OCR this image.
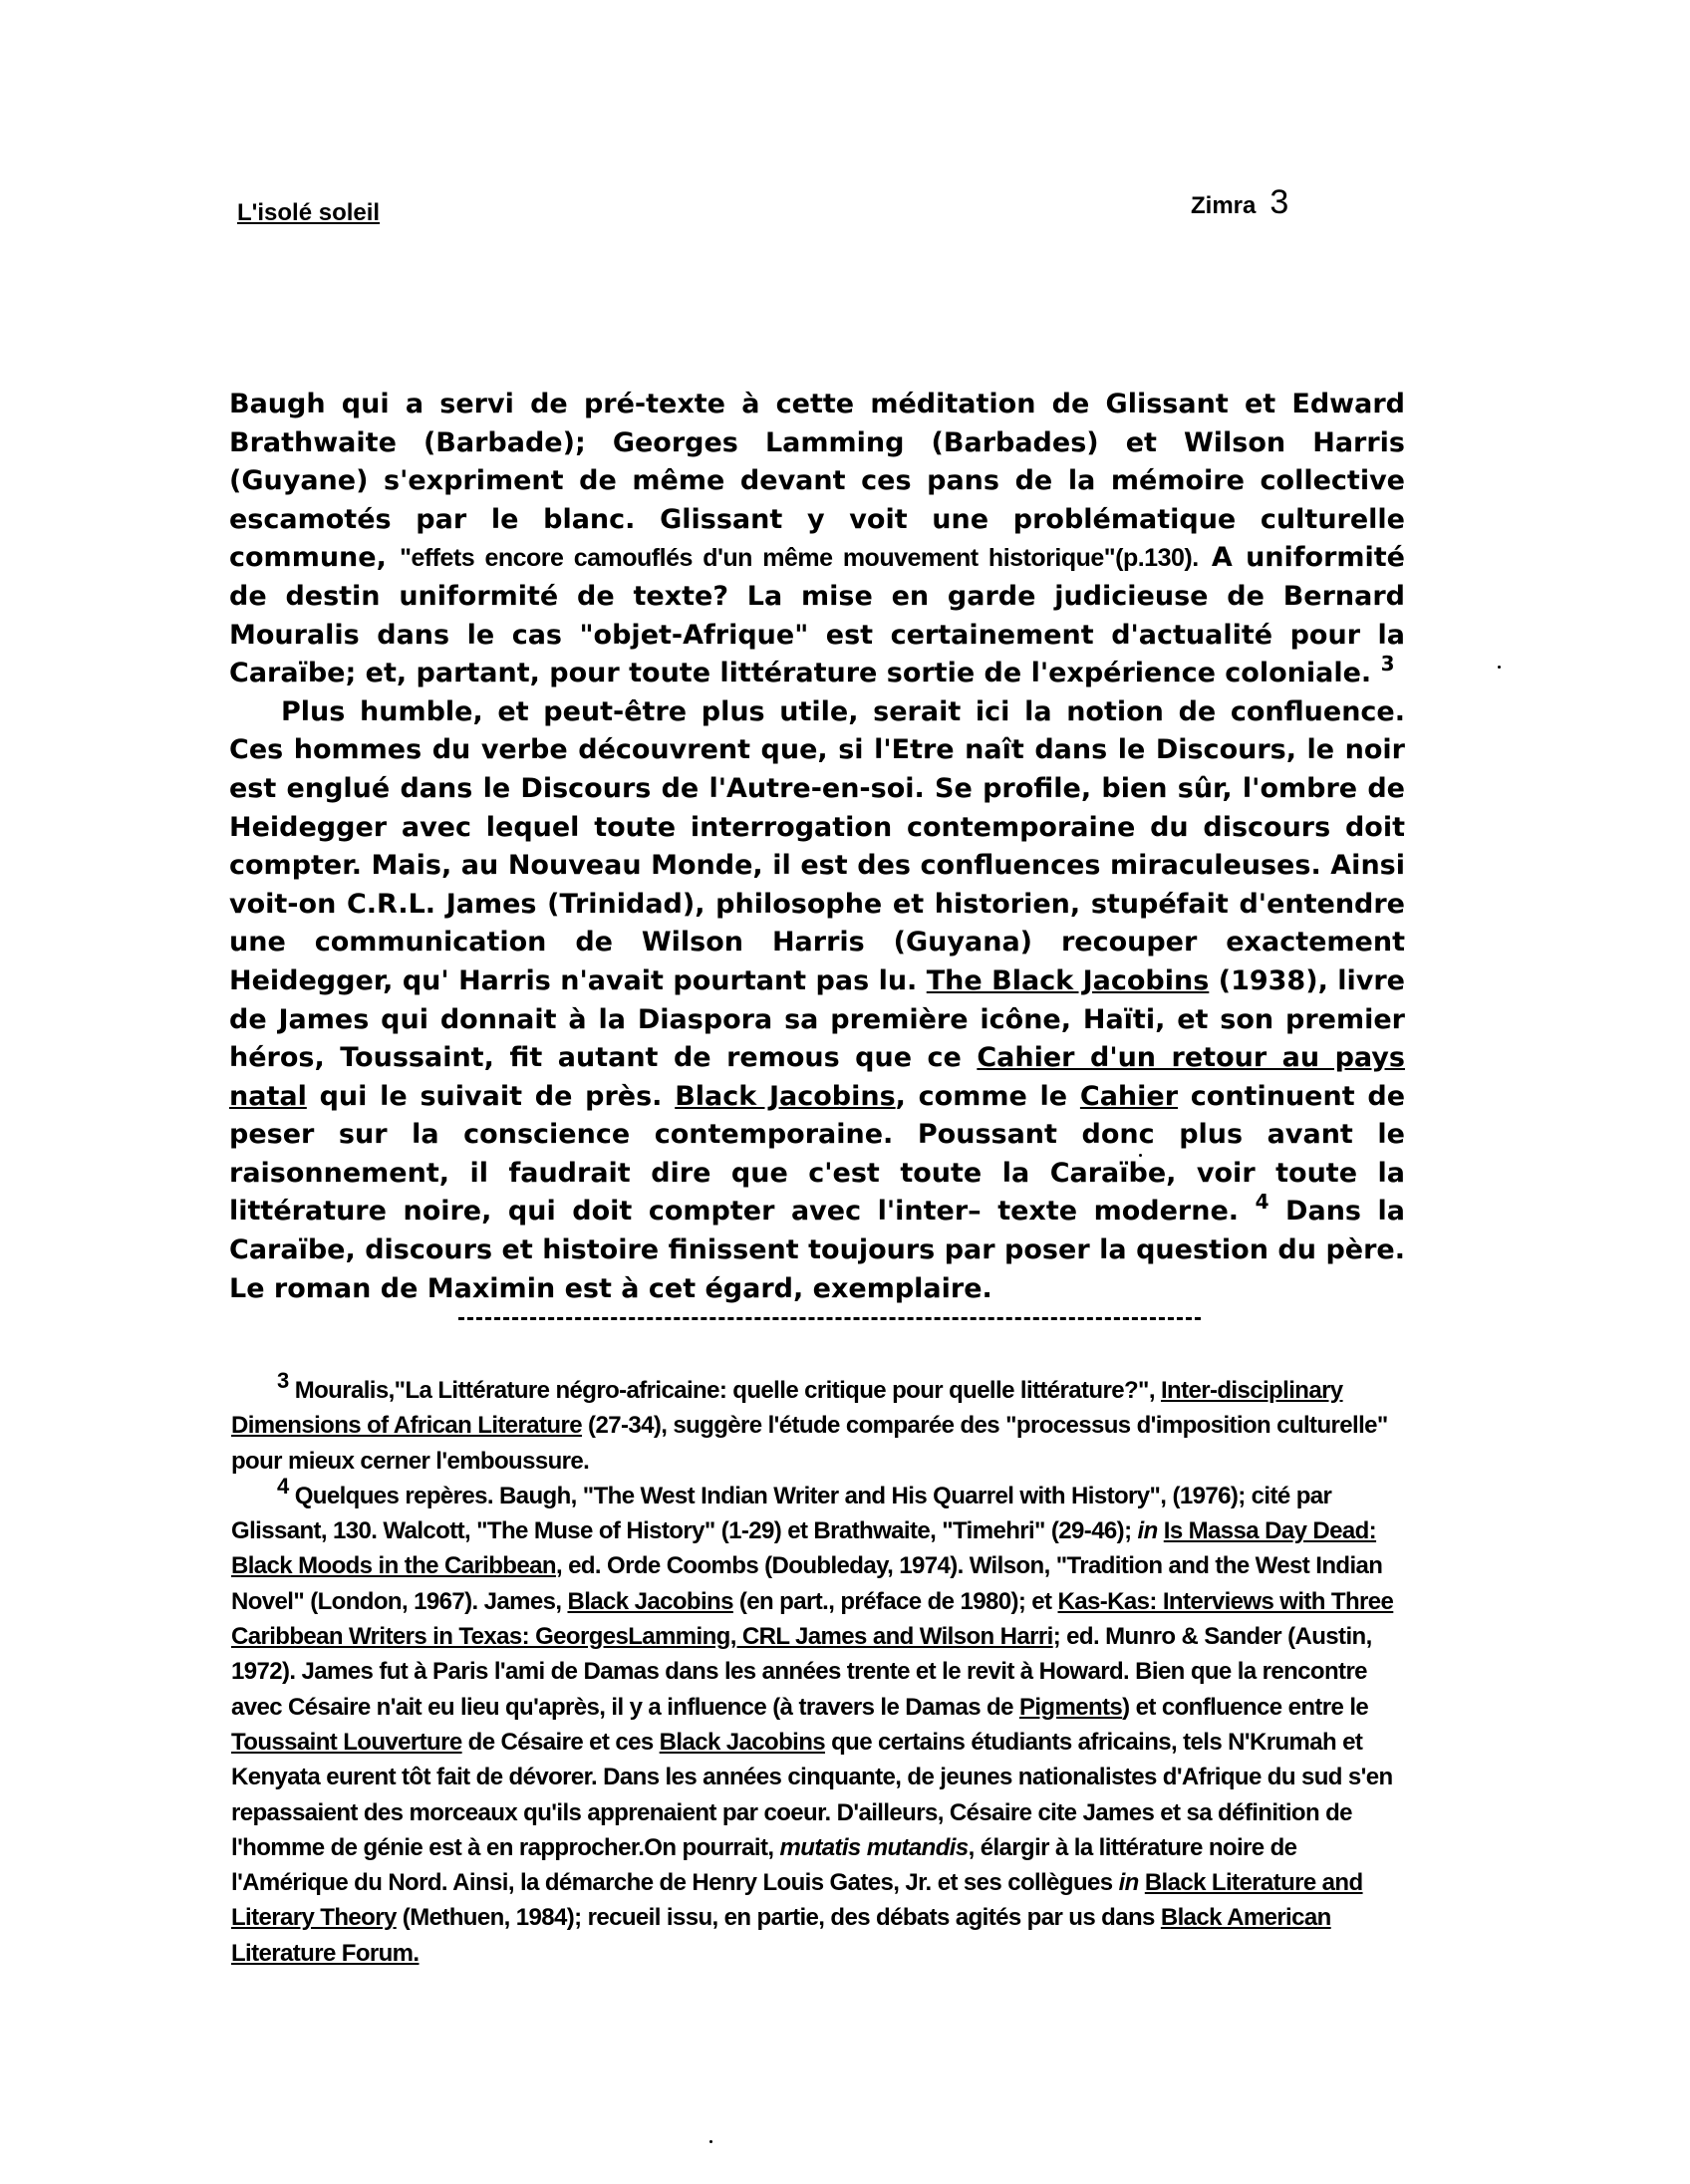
L'isolé soleil	Zimra 3

Baugh qui a servi de pré-texte à cette méditation de Glissant et Edward Brathwaite (Barbade); Georges Lamming (Barbades) et Wilson Harris (Guyane) s'expriment de même devant ces pans de la mémoire collective escamotés par le blanc. Glissant y voit une problématique culturelle commune, "effets encore camouflés d'un même mouvement historique"(p.130). A uniformité de destin uniformité de texte? La mise en garde judicieuse de Bernard Mouralis dans le cas "objet-Afrique" est certainement d'actualité pour la Caraïbe; et, partant, pour toute littérature sortie de l'expérience coloniale. $^3$

Plus humble, et peut-être plus utile, serait ici la notion de confluence. Ces hommes du verbe découvrent que, si l'Etre naît dans le Discours, le noir est englué dans le Discours de l'Autre-en-soi. Se profile, bien sûr, l'ombre de Heidegger avec lequel toute interrogation contemporaine du discours doit compter. Mais, au Nouveau Monde, il est des confluences miraculeuses. Ainsi voit-on C.R.L. James (Trinidad), philosophe et historien, stupéfait d'entendre une communication de Wilson Harris (Guyana) recouper exactement Heidegger, qu' Harris n'avait pourtant pas lu. The Black Jacobins (1938), livre de James qui donnait à la Diaspora sa première icône, Haïti, et son premier héros, Toussaint, fit autant de remous que ce Cahier d'un retour au pays natal qui le suivait de près. Black Jacobins, comme le Cahier continuent de peser sur la conscience contemporaine. Poussant donc plus avant le raisonnement, il faudrait dire que c'est toute la Caraïbe, voir toute la littérature noire, qui doit compter avec l'inter– texte moderne. $^4$ Dans la Caraïbe, discours et histoire finissent toujours par poser la question du père. Le roman de Maximin est à cet égard, exemplaire.

$^3$ Mouralis,"La Littérature négro-africaine: quelle critique pour quelle littérature?", Inter-disciplinary Dimensions of African Literature (27-34), suggère l'étude comparée des "processus d'imposition culturelle" pour mieux cerner l'emboussure.

$^4$ Quelques repères. Baugh, "The West Indian Writer and His Quarrel with History", (1976); cité par Glissant, 130. Walcott, "The Muse of History" (1-29) et Brathwaite, "Timehri" (29-46); in Is Massa Day Dead: Black Moods in the Caribbean, ed. Orde Coombs (Doubleday, 1974). Wilson, "Tradition and the West Indian Novel" (London, 1967). James, Black Jacobins (en part., préface de 1980); et Kas-Kas: Interviews with Three Caribbean Writers in Texas: GeorgesLamming, CRL James and Wilson Harri; ed. Munro & Sander (Austin, 1972). James fut à Paris l'ami de Damas dans les années trente et le revit à Howard. Bien que la rencontre avec Césaire n'ait eu lieu qu'après, il y a influence (à travers le Damas de Pigments) et confluence entre le Toussaint Louverture de Césaire et ces Black Jacobins que certains étudiants africains, tels N'Krumah et Kenyata eurent tôt fait de dévorer. Dans les années cinquante, de jeunes nationalistes d'Afrique du sud s'en repassaient des morceaux qu'ils apprenaient par coeur. D'ailleurs, Césaire cite James et sa définition de l'homme de génie est à en rapprocher.On pourrait, mutatis mutandis, élargir à la littérature noire de l'Amérique du Nord. Ainsi, la démarche de Henry Louis Gates, Jr. et ses collègues in Black Literature and Literary Theory (Methuen, 1984); recueil issu, en partie, des débats agités par us dans Black American Literature Forum.
